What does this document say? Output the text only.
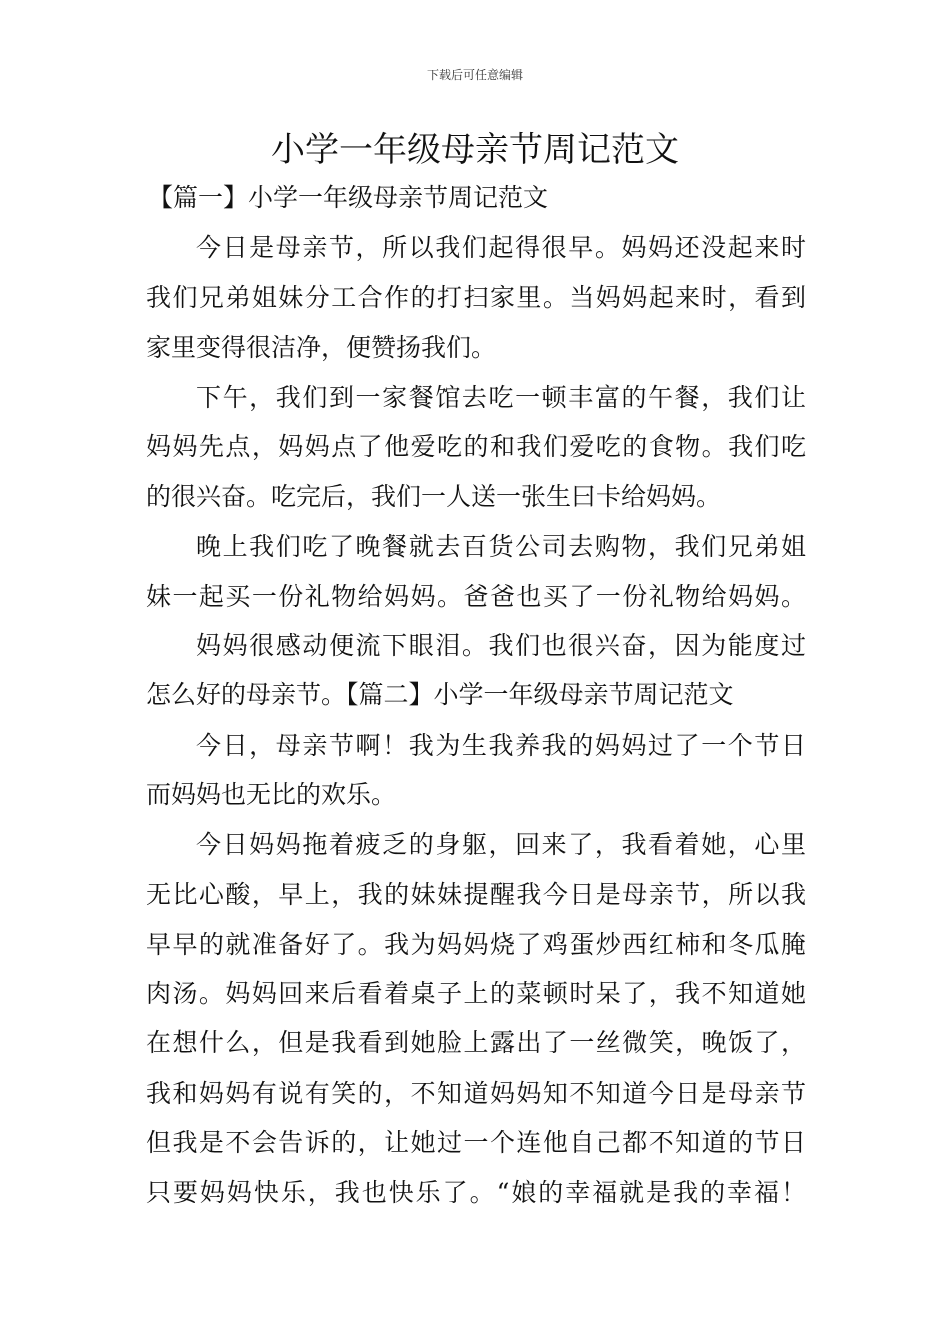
下载后可任意编辑
小学一年级母亲节周记范文

【篇一】小学一年级母亲节周记范文

今日是母亲节，所以我们起得很早。妈妈还没起来时

我们兄弟姐妹分工合作的打扫家里。当妈妈起来时，看到

家里变得很洁净，便赞扬我们。

下午，我们到一家餐馆去吃一顿丰富的午餐，我们让

妈妈先点，妈妈点了他爱吃的和我们爱吃的食物。我们吃

的很兴奋。吃完后，我们一人送一张生曰卡给妈妈。

晚上我们吃了晚餐就去百货公司去购物，我们兄弟姐

妹一起买一份礼物给妈妈。爸爸也买了一份礼物给妈妈。

妈妈很感动便流下眼泪。我们也很兴奋，因为能度过

怎么好的母亲节。【篇二】小学一年级母亲节周记范文

今日，母亲节啊！我为生我养我的妈妈过了一个节日

而妈妈也无比的欢乐。

今日妈妈拖着疲乏的身躯，回来了，我看着她，心里

无比心酸，早上，我的妹妹提醒我今日是母亲节，所以我

早早的就准备好了。我为妈妈烧了鸡蛋炒西红柿和冬瓜腌

肉汤。妈妈回来后看着桌子上的菜顿时呆了，我不知道她

在想什么，但是我看到她脸上露出了一丝微笑，晚饭了，

我和妈妈有说有笑的，不知道妈妈知不知道今日是母亲节

但我是不会告诉的，让她过一个连他自己都不知道的节日

只要妈妈快乐，我也快乐了。“娘的幸福就是我的幸福！
